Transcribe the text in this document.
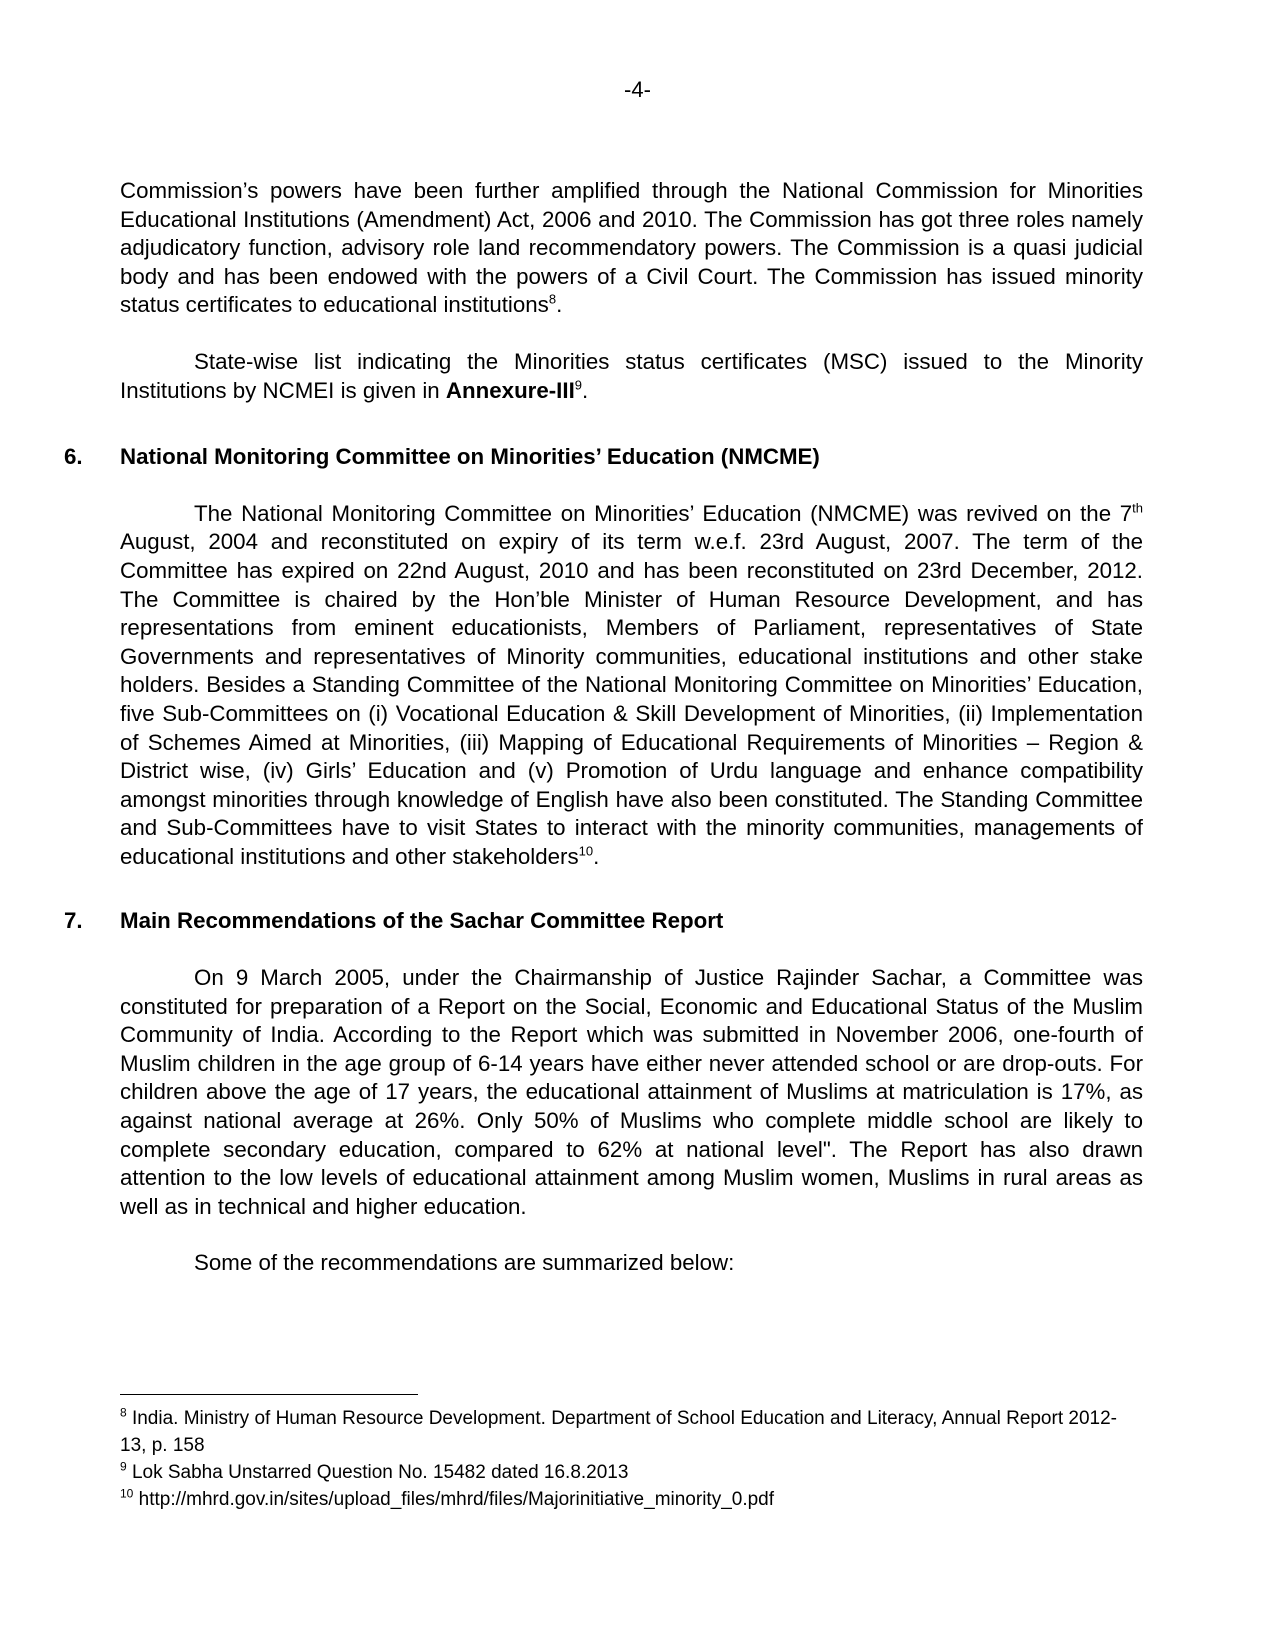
-4-

Commission’s powers have been further amplified through the National Commission for Minorities Educational Institutions (Amendment) Act, 2006 and 2010. The Commission has got three roles namely adjudicatory function, advisory role land recommendatory powers. The Commission is a quasi judicial body and has been endowed with the powers of a Civil Court. The Commission has issued minority status certificates to educational institutions$^8$.

State-wise list indicating the Minorities status certificates (MSC) issued to the Minority Institutions by NCMEI is given in Annexure-III$^9$.

6. National Monitoring Committee on Minorities’ Education (NMCME)

The National Monitoring Committee on Minorities’ Education (NMCME) was revived on the 7th August, 2004 and reconstituted on expiry of its term w.e.f. 23rd August, 2007. The term of the Committee has expired on 22nd August, 2010 and has been reconstituted on 23rd December, 2012. The Committee is chaired by the Hon’ble Minister of Human Resource Development, and has representations from eminent educationists, Members of Parliament, representatives of State Governments and representatives of Minority communities, educational institutions and other stake holders. Besides a Standing Committee of the National Monitoring Committee on Minorities’ Education, five Sub-Committees on (i) Vocational Education & Skill Development of Minorities, (ii) Implementation of Schemes Aimed at Minorities, (iii) Mapping of Educational Requirements of Minorities – Region & District wise, (iv) Girls’ Education and (v) Promotion of Urdu language and enhance compatibility amongst minorities through knowledge of English have also been constituted. The Standing Committee and Sub-Committees have to visit States to interact with the minority communities, managements of educational institutions and other stakeholders$^{10}$.

7. Main Recommendations of the Sachar Committee Report

On 9 March 2005, under the Chairmanship of Justice Rajinder Sachar, a Committee was constituted for preparation of a Report on the Social, Economic and Educational Status of the Muslim Community of India. According to the Report which was submitted in November 2006, one-fourth of Muslim children in the age group of 6-14 years have either never attended school or are drop-outs. For children above the age of 17 years, the educational attainment of Muslims at matriculation is 17%, as against national average at 26%. Only 50% of Muslims who complete middle school are likely to complete secondary education, compared to 62% at national level". The Report has also drawn attention to the low levels of educational attainment among Muslim women, Muslims in rural areas as well as in technical and higher education.

Some of the recommendations are summarized below:

$^8$ India. Ministry of Human Resource Development. Department of School Education and Literacy, Annual Report 2012-13, p. 158

$^9$ Lok Sabha Unstarred Question No. 15482 dated 16.8.2013

$^{10}$ http://mhrd.gov.in/sites/upload_files/mhrd/files/Majorinitiative_minority_0.pdf
